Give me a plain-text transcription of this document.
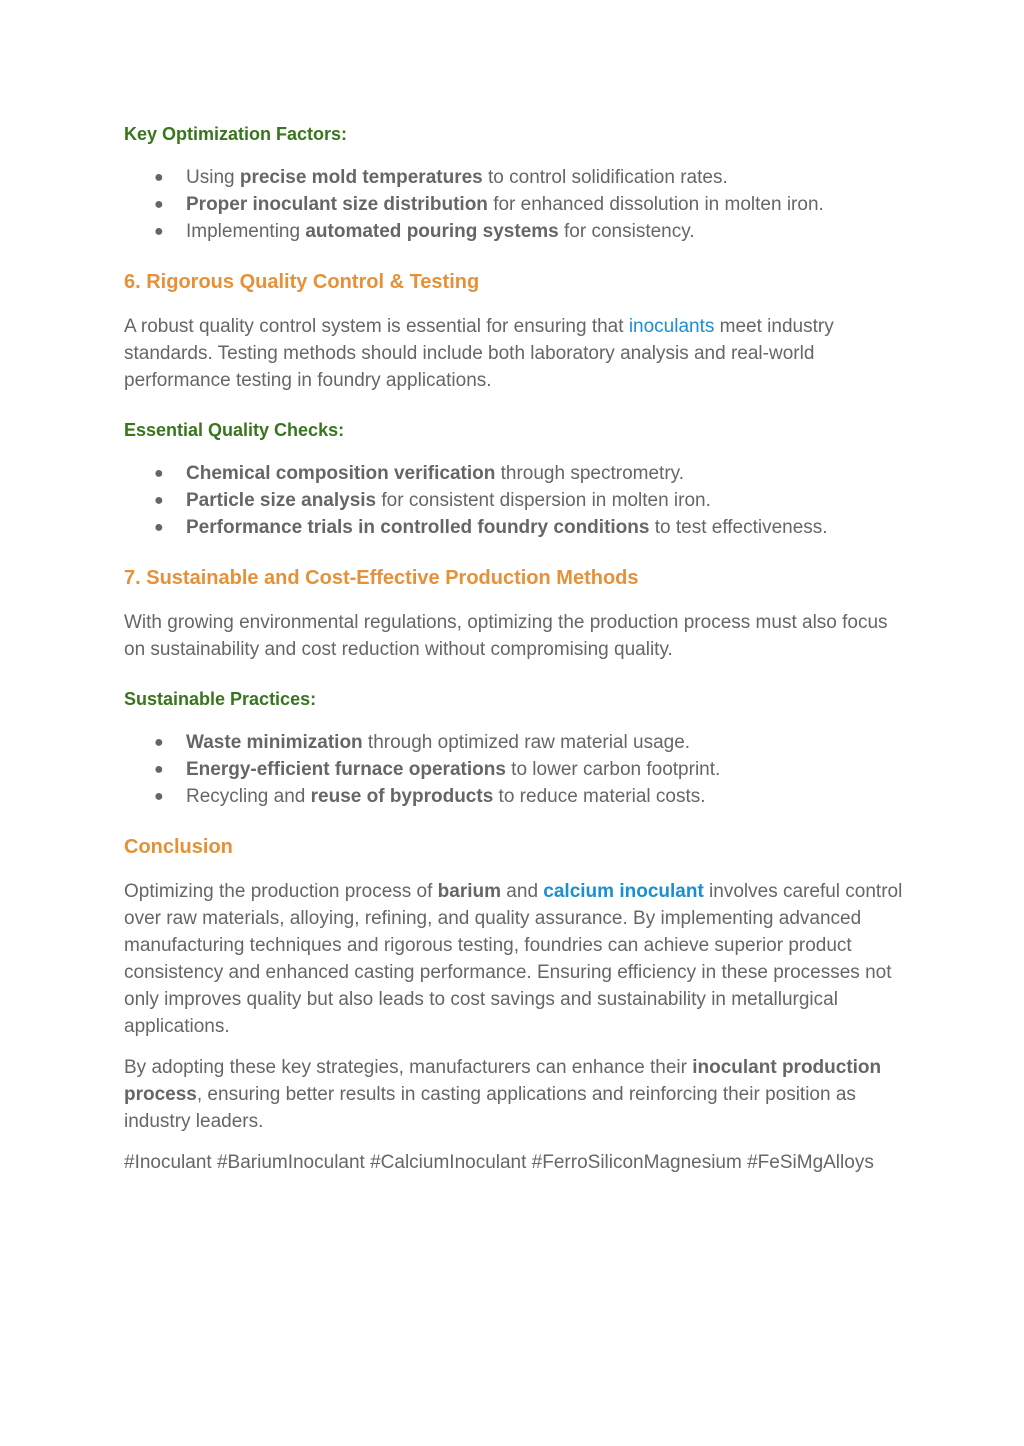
Key Optimization Factors:
● Using precise mold temperatures to control solidification rates.
● Proper inoculant size distribution for enhanced dissolution in molten iron.
● Implementing automated pouring systems for consistency.
6. Rigorous Quality Control & Testing

A robust quality control system is essential for ensuring that inoculants meet industry standards. Testing methods should include both laboratory analysis and real-world performance testing in foundry applications.

Essential Quality Checks:
● Chemical composition verification through spectrometry.
● Particle size analysis for consistent dispersion in molten iron.
● Performance trials in controlled foundry conditions to test effectiveness.
7. Sustainable and Cost-Effective Production Methods

With growing environmental regulations, optimizing the production process must also focus on sustainability and cost reduction without compromising quality.

Sustainable Practices:
● Waste minimization through optimized raw material usage.
● Energy-efficient furnace operations to lower carbon footprint.
● Recycling and reuse of byproducts to reduce material costs.
Conclusion

Optimizing the production process of barium and calcium inoculant involves careful control over raw materials, alloying, refining, and quality assurance. By implementing advanced manufacturing techniques and rigorous testing, foundries can achieve superior product consistency and enhanced casting performance. Ensuring efficiency in these processes not only improves quality but also leads to cost savings and sustainability in metallurgical applications.

By adopting these key strategies, manufacturers can enhance their inoculant production process, ensuring better results in casting applications and reinforcing their position as industry leaders.

#Inoculant #BariumInoculant #CalciumInoculant #FerroSiliconMagnesium #FeSiMgAlloys
